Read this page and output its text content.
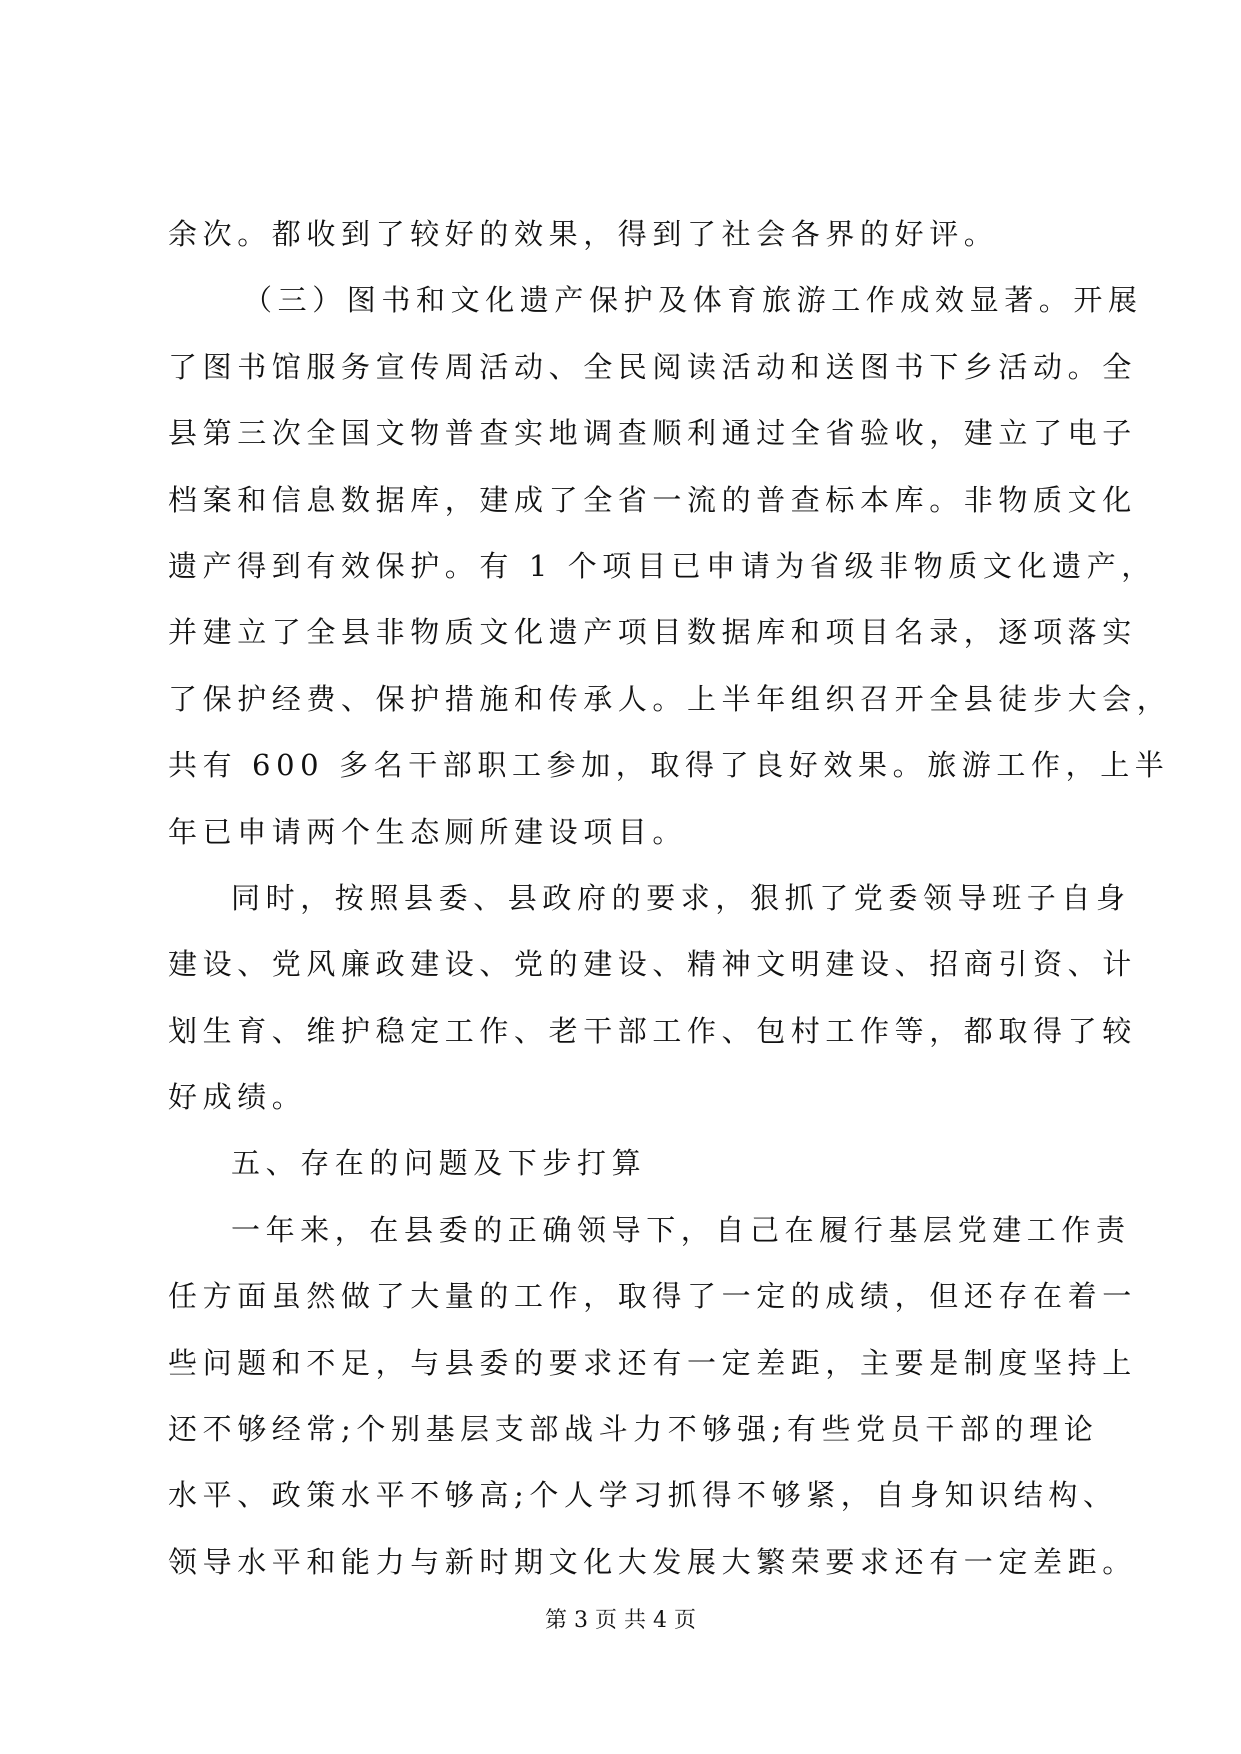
余次。都收到了较好的效果，得到了社会各界的好评。
（三）图书和文化遗产保护及体育旅游工作成效显著。开展
了图书馆服务宣传周活动、全民阅读活动和送图书下乡活动。全
县第三次全国文物普查实地调查顺利通过全省验收，建立了电子
档案和信息数据库，建成了全省一流的普查标本库。非物质文化
遗产得到有效保护。有 1 个项目已申请为省级非物质文化遗产，
并建立了全县非物质文化遗产项目数据库和项目名录，逐项落实
了保护经费、保护措施和传承人。上半年组织召开全县徒步大会，
共有 600 多名干部职工参加，取得了良好效果。旅游工作，上半
年已申请两个生态厕所建设项目。
同时，按照县委、县政府的要求，狠抓了党委领导班子自身
建设、党风廉政建设、党的建设、精神文明建设、招商引资、计
划生育、维护稳定工作、老干部工作、包村工作等，都取得了较
好成绩。
五、存在的问题及下步打算
一年来，在县委的正确领导下，自己在履行基层党建工作责
任方面虽然做了大量的工作，取得了一定的成绩，但还存在着一
些问题和不足，与县委的要求还有一定差距，主要是制度坚持上
还不够经常;个别基层支部战斗力不够强;有些党员干部的理论
水平、政策水平不够高;个人学习抓得不够紧，自身知识结构、
领导水平和能力与新时期文化大发展大繁荣要求还有一定差距。
第 3 页 共 4 页
